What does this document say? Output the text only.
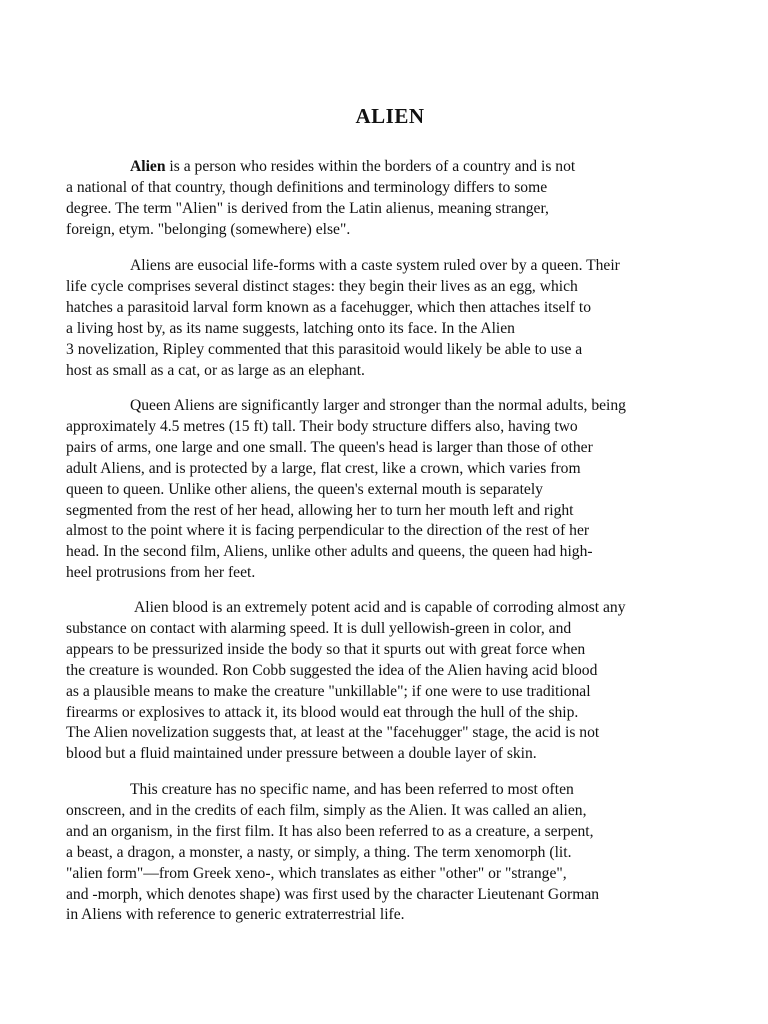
ALIEN
Alien is a person who resides within the borders of a country and is not
a national of that country, though definitions and terminology differs to some
degree. The term "Alien" is derived from the Latin alienus, meaning stranger,
foreign, etym. "belonging (somewhere) else".
Aliens are eusocial life-forms with a caste system ruled over by a queen. Their
life cycle comprises several distinct stages: they begin their lives as an egg, which
hatches a parasitoid larval form known as a facehugger, which then attaches itself to
a living host by, as its name suggests, latching onto its face. In the Alien
3 novelization, Ripley commented that this parasitoid would likely be able to use a
host as small as a cat, or as large as an elephant.
Queen Aliens are significantly larger and stronger than the normal adults, being
approximately 4.5 metres (15 ft) tall. Their body structure differs also, having two
pairs of arms, one large and one small. The queen's head is larger than those of other
adult Aliens, and is protected by a large, flat crest, like a crown, which varies from
queen to queen. Unlike other aliens, the queen's external mouth is separately
segmented from the rest of her head, allowing her to turn her mouth left and right
almost to the point where it is facing perpendicular to the direction of the rest of her
head. In the second film, Aliens, unlike other adults and queens, the queen had high-
heel protrusions from her feet.
Alien blood is an extremely potent acid and is capable of corroding almost any
substance on contact with alarming speed. It is dull yellowish-green in color, and
appears to be pressurized inside the body so that it spurts out with great force when
the creature is wounded. Ron Cobb suggested the idea of the Alien having acid blood
as a plausible means to make the creature "unkillable"; if one were to use traditional
firearms or explosives to attack it, its blood would eat through the hull of the ship.
The Alien novelization suggests that, at least at the "facehugger" stage, the acid is not
blood but a fluid maintained under pressure between a double layer of skin.
This creature has no specific name, and has been referred to most often
onscreen, and in the credits of each film, simply as the Alien. It was called an alien,
and an organism, in the first film. It has also been referred to as a creature, a serpent,
a beast, a dragon, a monster, a nasty, or simply, a thing. The term xenomorph (lit.
"alien form"—from Greek xeno-, which translates as either "other" or "strange",
and -morph, which denotes shape) was first used by the character Lieutenant Gorman
in Aliens with reference to generic extraterrestrial life.
